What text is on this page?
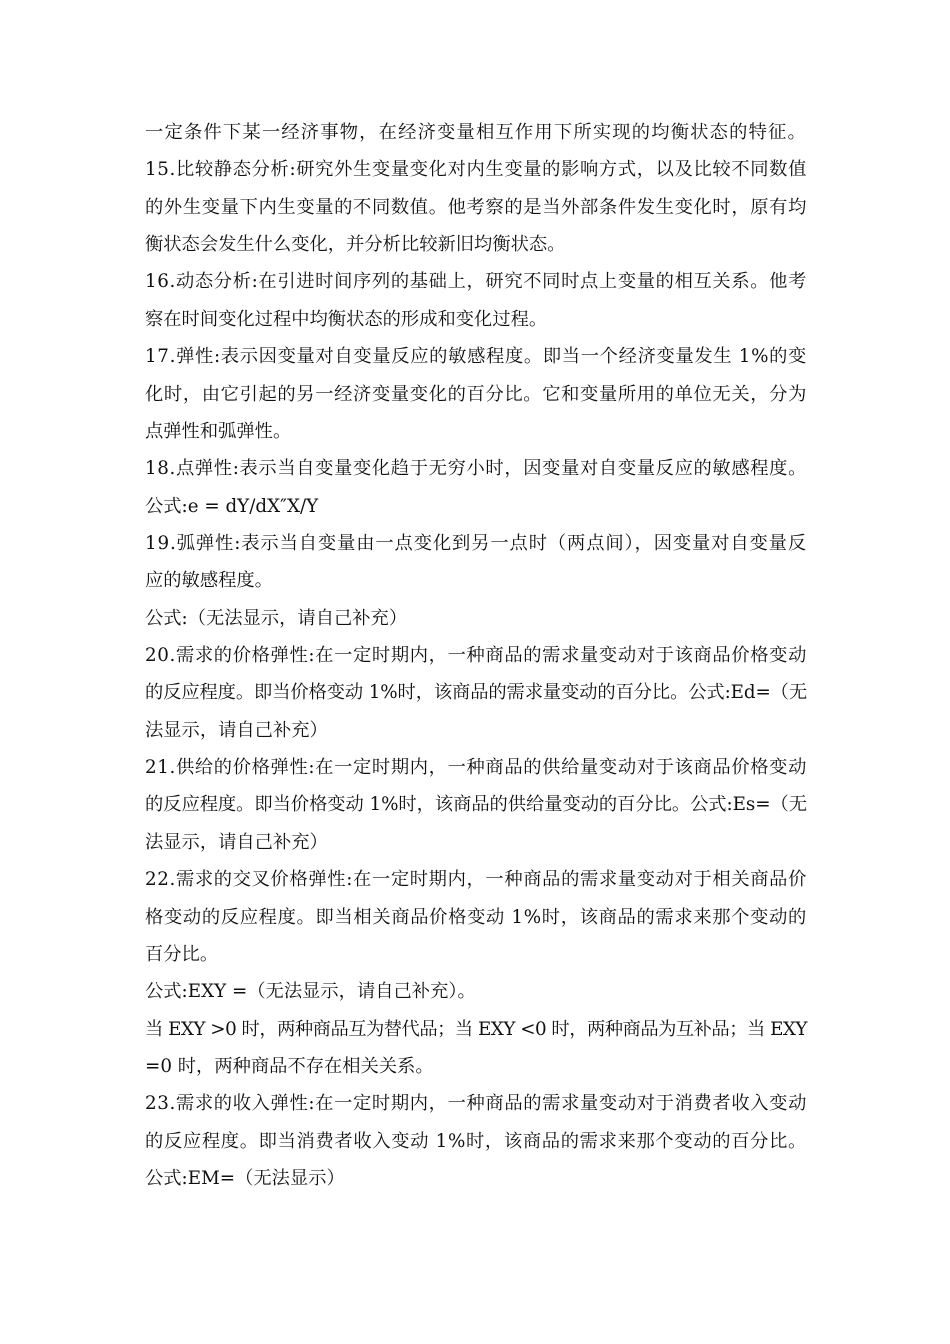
一定条件下某一经济事物，在经济变量相互作用下所实现的均衡状态的特征。
15.比较静态分析:研究外生变量变化对内生变量的影响方式，以及比较不同数值
的外生变量下内生变量的不同数值。他考察的是当外部条件发生变化时，原有均
衡状态会发生什么变化，并分析比较新旧均衡状态。
16.动态分析:在引进时间序列的基础上，研究不同时点上变量的相互关系。他考
察在时间变化过程中均衡状态的形成和变化过程。
17.弹性:表示因变量对自变量反应的敏感程度。即当一个经济变量发生 1%的变
化时，由它引起的另一经济变量变化的百分比。它和变量所用的单位无关，分为
点弹性和弧弹性。
18.点弹性:表示当自变量变化趋于无穷小时，因变量对自变量反应的敏感程度。
公式:e = dY/dX″X/Y
19.弧弹性:表示当自变量由一点变化到另一点时（两点间），因变量对自变量反
应的敏感程度。
公式:（无法显示，请自己补充）
20.需求的价格弹性:在一定时期内，一种商品的需求量变动对于该商品价格变动
的反应程度。即当价格变动 1%时，该商品的需求量变动的百分比。公式:Ed=（无
法显示，请自己补充）
21.供给的价格弹性:在一定时期内，一种商品的供给量变动对于该商品价格变动
的反应程度。即当价格变动 1%时，该商品的供给量变动的百分比。公式:Es=（无
法显示，请自己补充）
22.需求的交叉价格弹性:在一定时期内，一种商品的需求量变动对于相关商品价
格变动的反应程度。即当相关商品价格变动 1%时，该商品的需求来那个变动的
百分比。
公式:EXY =（无法显示，请自己补充）。
当 EXY >0 时，两种商品互为替代品；当 EXY <0 时，两种商品为互补品；当 EXY
=0 时，两种商品不存在相关关系。
23.需求的收入弹性:在一定时期内，一种商品的需求量变动对于消费者收入变动
的反应程度。即当消费者收入变动 1%时，该商品的需求来那个变动的百分比。
公式:EM=（无法显示）
